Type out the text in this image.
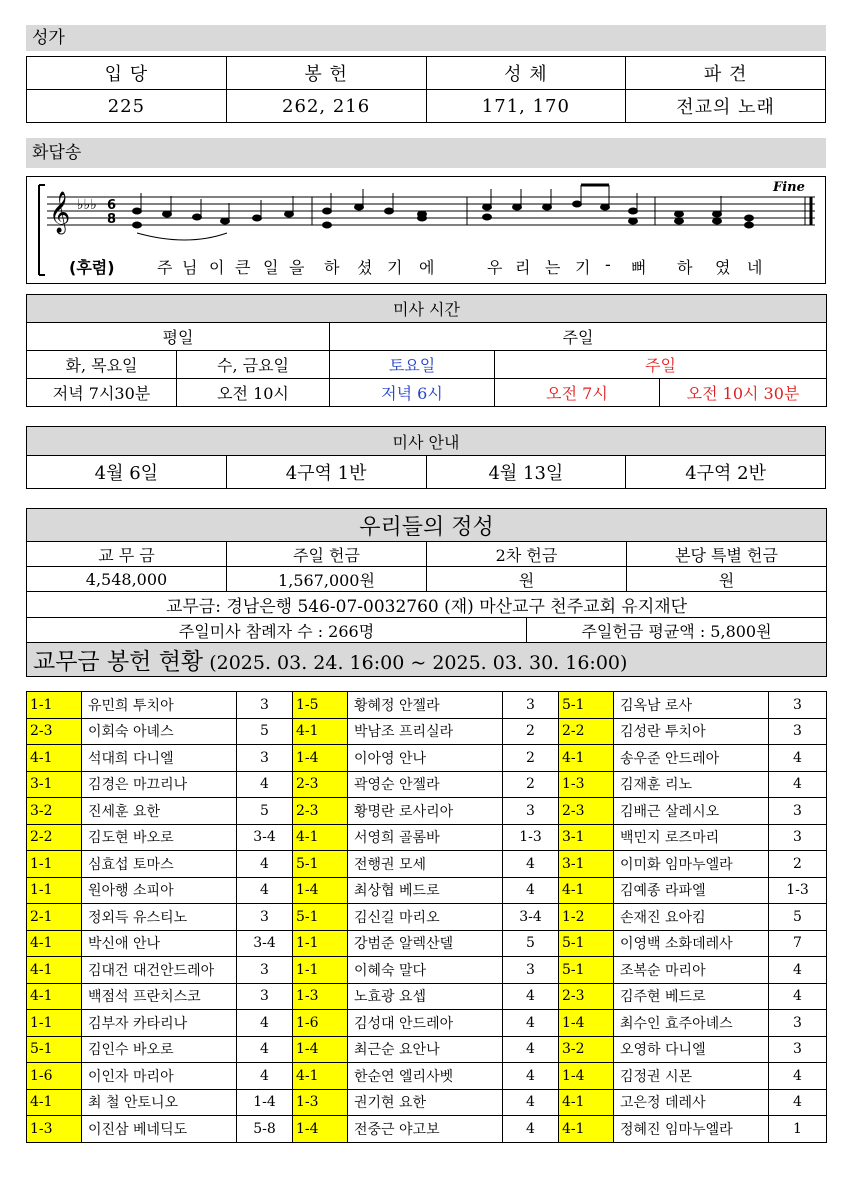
성가
입 당	봉 헌	성 체	파 견
225	262, 216	171, 170	전교의 노래
화답송
𝄞 ♭♭♭ 6
8
Fine
(후렴)	주 님 이 큰 일 을 하 셨 기 에	우 리 는 기 - 뻐 하 였 네
미사 시간				
평일		주일		
화, 목요일	수, 금요일	토요일	주일	
저녁 7시30분	오전 10시	저녁 6시	오전 7시	오전 10시 30분
미사 안내
4월 6일	4구역 1반	4월 13일	4구역 2반
우리들의 정성				
교 무 금	주일 헌금	2차 헌금		본당 특별 헌금
4,548,000	1,567,000원	원		원
교무금: 경남은행 546-07-0032760 (재) 마산교구 천주교회 유지재단				
주일미사 참례자 수 : 266명			주일헌금 평균액 : 5,800원	
교무금 봉헌 현황 (2025. 03. 24. 16:00 ~ 2025. 03. 30. 16:00)				
1-1	유민희 투치아	3	1-5	황혜정 안젤라	3	5-1	김옥남 로사	3
2-3	이회숙 아녜스	5	4-1	박남조 프리실라	2	2-2	김성란 투치아	3
4-1	석대희 다니엘	3	1-4	이아영 안나	2	4-1	송우준 안드레아	4
3-1	김경은 마끄리나	4	2-3	곽영순 안젤라	2	1-3	김재훈 리노	4
3-2	진세훈 요한	5	2-3	황명란 로사리아	3	2-3	김배근 살레시오	3
2-2	김도현 바오로	3-4	4-1	서영희 골롬바	1-3	3-1	백민지 로즈마리	3
1-1	심효섭 토마스	4	5-1	전행권 모세	4	3-1	이미화 임마누엘라	2
1-1	원아행 소피아	4	1-4	최상협 베드로	4	4-1	김예종 라파엘	1-3
2-1	정외득 유스티노	3	5-1	김신길 마리오	3-4	1-2	손재진 요아킴	5
4-1	박신애 안나	3-4	1-1	강범준 알렉산델	5	5-1	이영백 소화데레사	7
4-1	김대건 대건안드레아	3	1-1	이혜숙 말다	3	5-1	조복순 마리아	4
4-1	백점석 프란치스코	3	1-3	노효광 요셉	4	2-3	김주현 베드로	4
1-1	김부자 카타리나	4	1-6	김성대 안드레아	4	1-4	최수인 효주아녜스	3
5-1	김인수 바오로	4	1-4	최근순 요안나	4	3-2	오영하 다니엘	3
1-6	이인자 마리아	4	4-1	한순연 엘리사벳	4	1-4	김정권 시몬	4
4-1	최 철 안토니오	1-4	1-3	권기현 요한	4	4-1	고은정 데레사	4
1-3	이진삼 베네딕도	5-8	1-4	전중근 야고보	4	4-1	정혜진 임마누엘라	1
